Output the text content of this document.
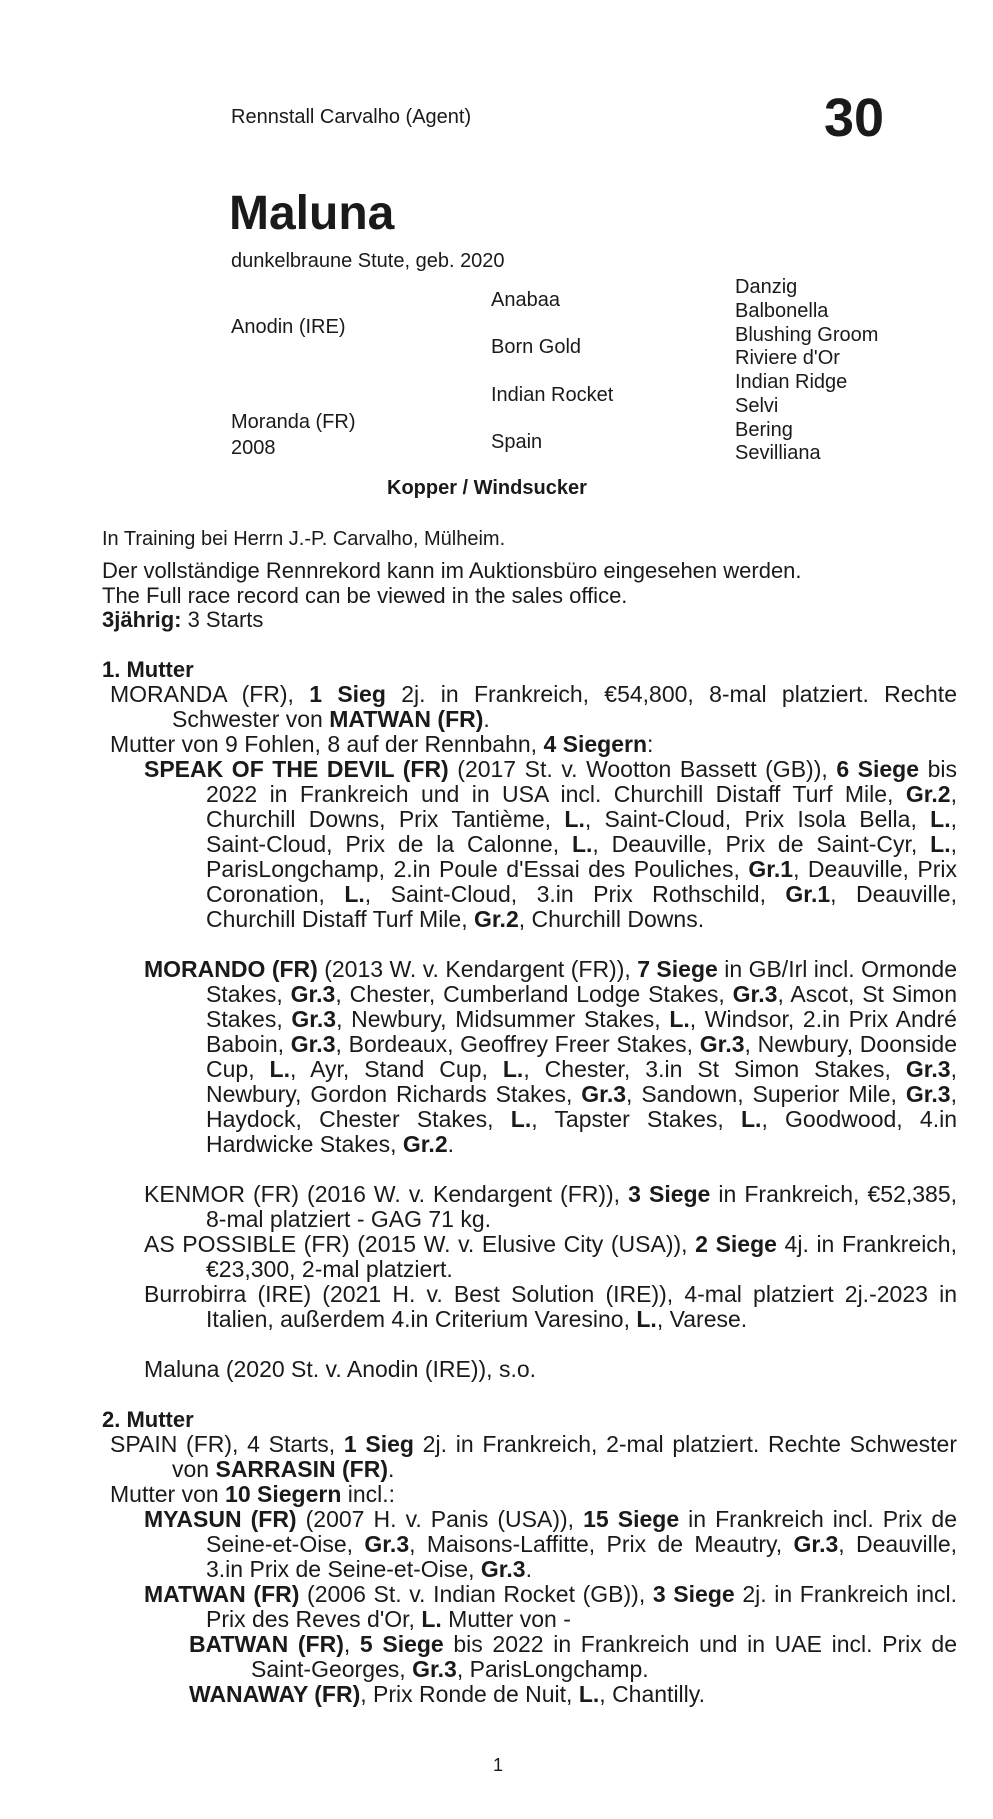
Rennstall Carvalho (Agent)	30
Maluna
dunkelbraune Stute, geb. 2020
Anodin (IRE)
Moranda (FR)
2008
Anabaa
Born Gold
Indian Rocket
Spain
Danzig
Balbonella
Blushing Groom
Riviere d'Or
Indian Ridge
Selvi
Bering
Sevilliana
Kopper / Windsucker
In Training bei Herrn J.-P. Carvalho, Mülheim.
Der vollständige Rennrekord kann im Auktionsbüro eingesehen werden.
The Full race record can be viewed in the sales office.
3jährig: 3 Starts
1. Mutter
MORANDA (FR), 1 Sieg 2j. in Frankreich, €54,800, 8-mal platziert. Rechte Schwester von MATWAN (FR).
Mutter von 9 Fohlen, 8 auf der Rennbahn, 4 Siegern:
SPEAK OF THE DEVIL (FR) (2017 St. v. Wootton Bassett (GB)), 6 Siege bis 2022 in Frankreich und in USA incl. Churchill Distaff Turf Mile, Gr.2, Churchill Downs, Prix Tantième, L., Saint-Cloud, Prix Isola Bella, L., Saint-Cloud, Prix de la Calonne, L., Deauville, Prix de Saint-Cyr, L., ParisLongchamp, 2.in Poule d'Essai des Pouliches, Gr.1, Deauville, Prix Coronation, L., Saint-Cloud, 3.in Prix Rothschild, Gr.1, Deauville, Churchill Distaff Turf Mile, Gr.2, Churchill Downs.
MORANDO (FR) (2013 W. v. Kendargent (FR)), 7 Siege in GB/Irl incl. Ormonde Stakes, Gr.3, Chester, Cumberland Lodge Stakes, Gr.3, Ascot, St Simon Stakes, Gr.3, Newbury, Midsummer Stakes, L., Windsor, 2.in Prix André Baboin, Gr.3, Bordeaux, Geoffrey Freer Stakes, Gr.3, Newbury, Doonside Cup, L., Ayr, Stand Cup, L., Chester, 3.in St Simon Stakes, Gr.3, Newbury, Gordon Richards Stakes, Gr.3, Sandown, Superior Mile, Gr.3, Haydock, Chester Stakes, L., Tapster Stakes, L., Goodwood, 4.in Hardwicke Stakes, Gr.2.
KENMOR (FR) (2016 W. v. Kendargent (FR)), 3 Siege in Frankreich, €52,385, 8-mal platziert - GAG 71 kg.
AS POSSIBLE (FR) (2015 W. v. Elusive City (USA)), 2 Siege 4j. in Frankreich, €23,300, 2-mal platziert.
Burrobirra (IRE) (2021 H. v. Best Solution (IRE)), 4-mal platziert 2j.-2023 in Italien, außerdem 4.in Criterium Varesino, L., Varese.
Maluna (2020 St. v. Anodin (IRE)), s.o.
2. Mutter
SPAIN (FR), 4 Starts, 1 Sieg 2j. in Frankreich, 2-mal platziert. Rechte Schwester von SARRASIN (FR).
Mutter von 10 Siegern incl.:
MYASUN (FR) (2007 H. v. Panis (USA)), 15 Siege in Frankreich incl. Prix de Seine-et-Oise, Gr.3, Maisons-Laffitte, Prix de Meautry, Gr.3, Deauville, 3.in Prix de Seine-et-Oise, Gr.3.
MATWAN (FR) (2006 St. v. Indian Rocket (GB)), 3 Siege 2j. in Frankreich incl. Prix des Reves d'Or, L. Mutter von -
BATWAN (FR), 5 Siege bis 2022 in Frankreich und in UAE incl. Prix de Saint-Georges, Gr.3, ParisLongchamp.
WANAWAY (FR), Prix Ronde de Nuit, L., Chantilly.
1
